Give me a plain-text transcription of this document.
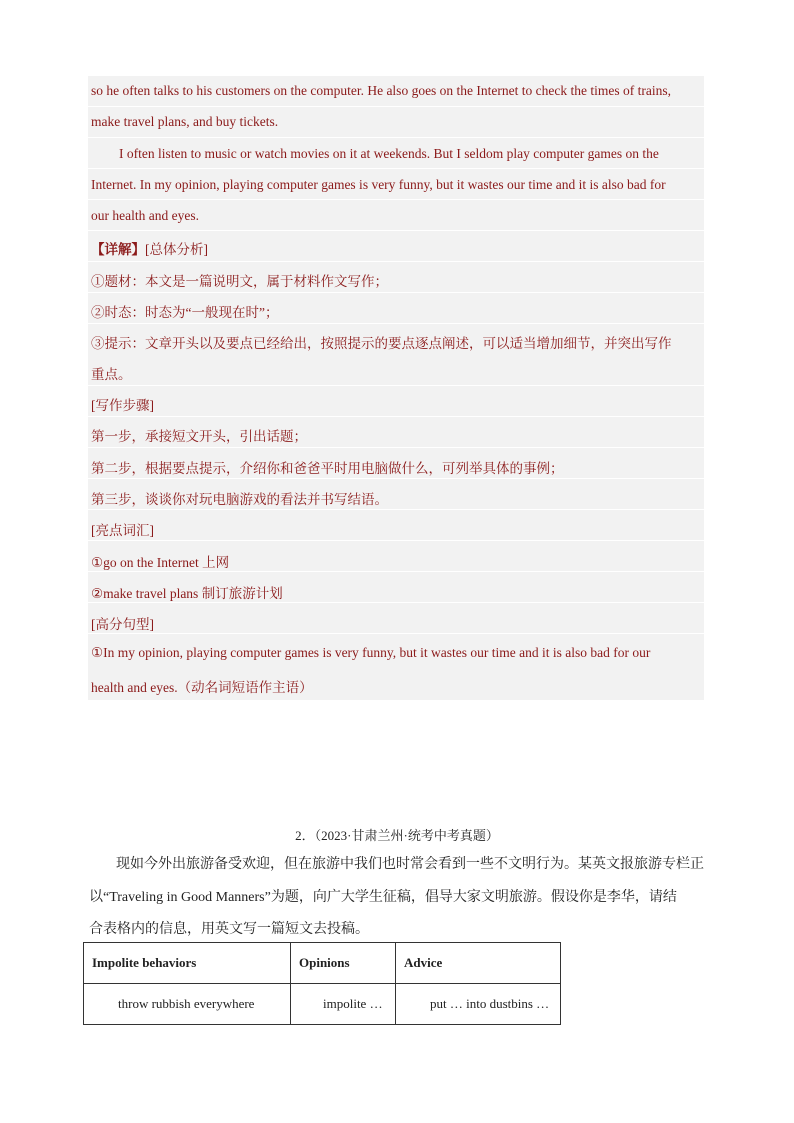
so he often talks to his customers on the computer. He also goes on the Internet to check the times of trains,
make travel plans, and buy tickets.
I often listen to music or watch movies on it at weekends. But I seldom play computer games on the
Internet. In my opinion, playing computer games is very funny, but it wastes our time and it is also bad for
our health and eyes.
【详解】[总体分析]
①题材：本文是一篇说明文，属于材料作文写作；
②时态：时态为“一般现在时”；
③提示：文章开头以及要点已经给出，按照提示的要点逐点阐述，可以适当增加细节，并突出写作
重点。
[写作步骤]
第一步，承接短文开头，引出话题；
第二步，根据要点提示，介绍你和爸爸平时用电脑做什么，可列举具体的事例；
第三步，谈谈你对玩电脑游戏的看法并书写结语。
[亮点词汇]
①go on the Internet 上网
②make travel plans 制订旅游计划
[高分句型]
①In my opinion, playing computer games is very funny, but it wastes our time and it is also bad for our
health and eyes.（动名词短语作主语）
2．（2023·甘肃兰州·统考中考真题）
现如今外出旅游备受欢迎，但在旅游中我们也时常会看到一些不文明行为。某英文报旅游专栏正
以“Traveling in Good Manners”为题，向广大学生征稿，倡导大家文明旅游。假设你是李华，请结
合表格内的信息，用英文写一篇短文去投稿。
Impolite behaviors	Opinions	Advice
throw rubbish everywhere	impolite …	put … into dustbins …
